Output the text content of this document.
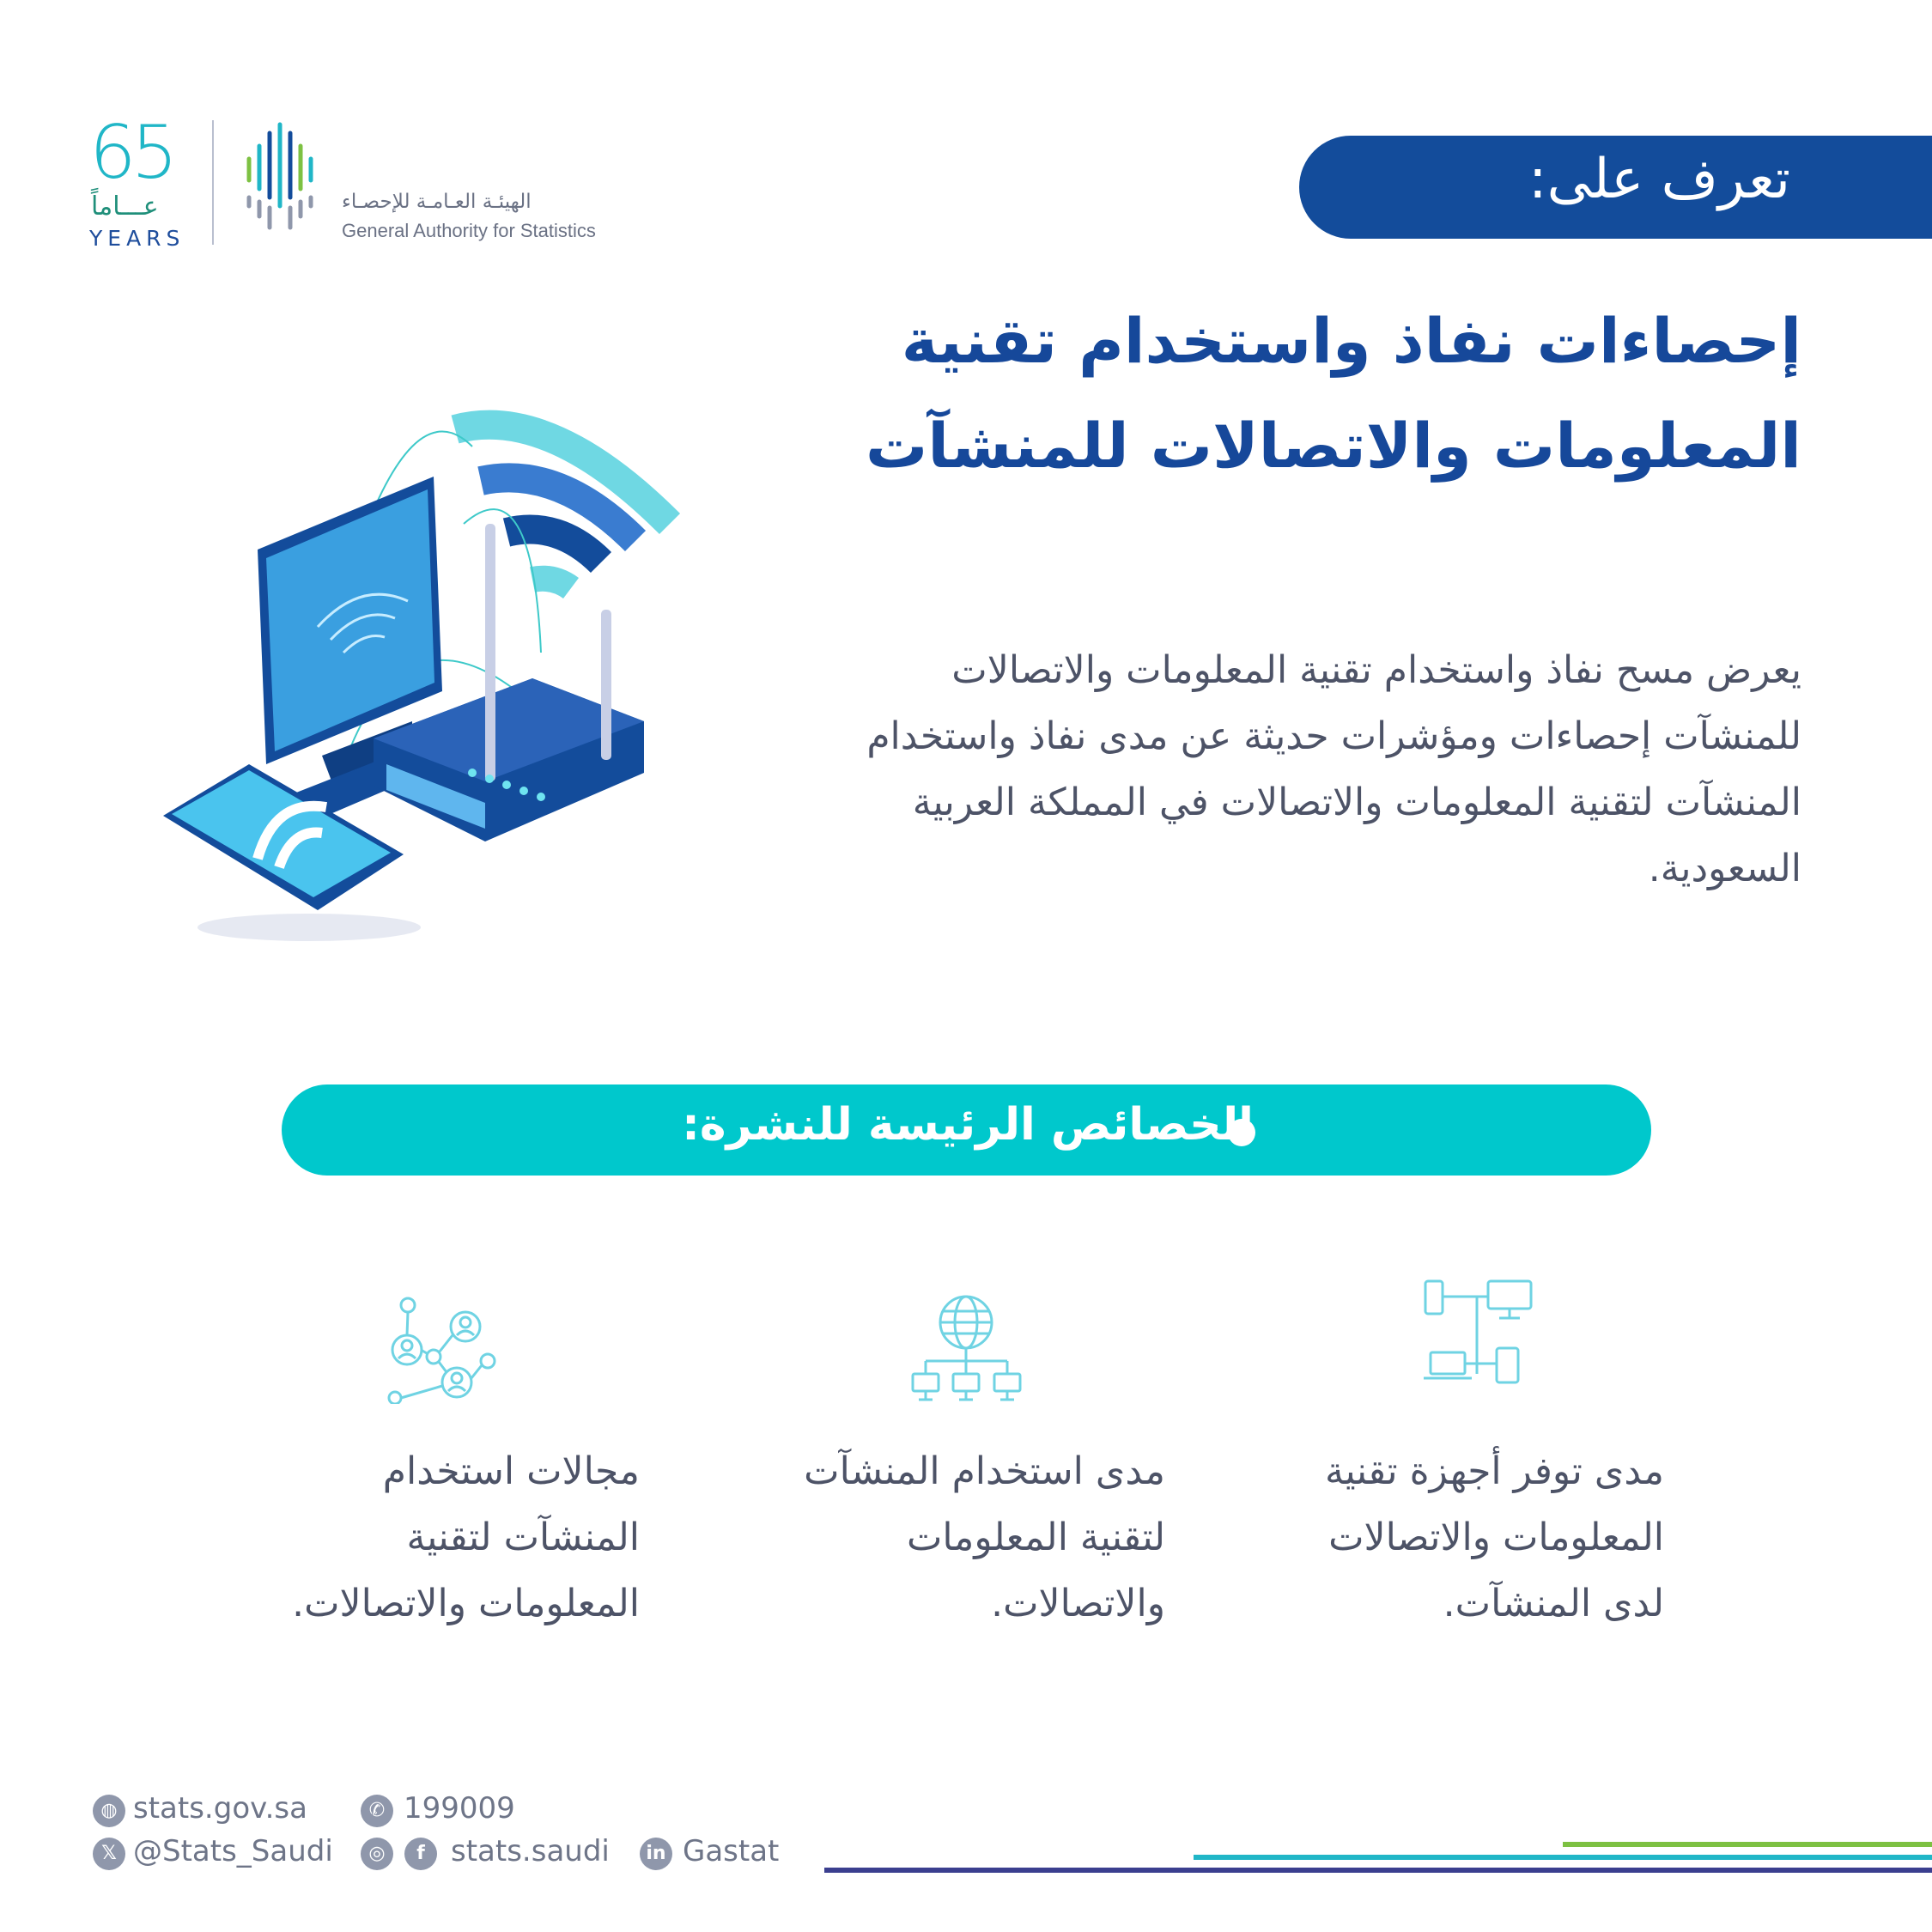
65
عـــاماً
YEARS
الهيئـة العـامـة للإحصـاء
General Authority for Statistics
تعرف على:
إحصاءات نفاذ واستخدام تقنية
المعلومات والاتصالات للمنشآت
يعرض مسح نفاذ واستخدام تقنية المعلومات والاتصالات للمنشآت إحصاءات ومؤشرات حديثة عن مدى نفاذ واستخدام المنشآت لتقنية المعلومات والاتصالات في المملكة العربية السعودية.
الخصائص الرئيسة للنشرة:
مدى توفر أجهزة تقنية
المعلومات والاتصالات
لدى المنشآت.
مدى استخدام المنشآت
لتقنية المعلومات
والاتصالات.
مجالات استخدام
المنشآت لتقنية
المعلومات والاتصالات.
◍ stats.gov.sa	✆ 199009
𝕏 @Stats_Saudi	◎	f stats.saudi	in Gastat
